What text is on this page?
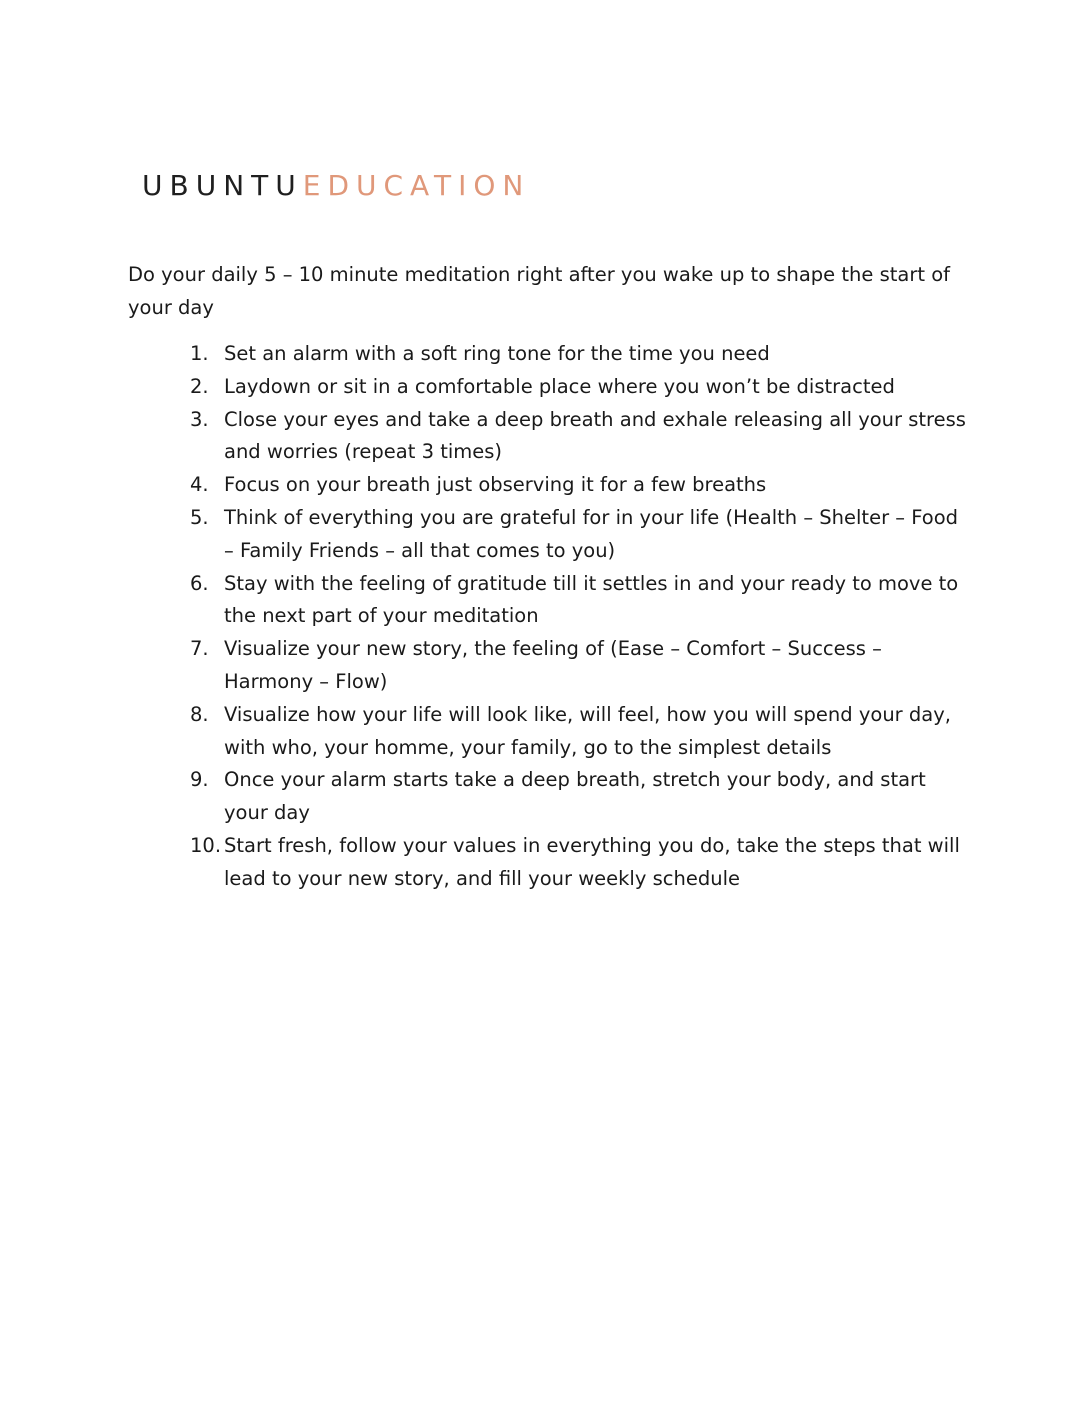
UBUNTUEDUCATION

Do your daily 5 – 10 minute meditation right after you wake up to shape the start of your day

1. Set an alarm with a soft ring tone for the time you need
2. Laydown or sit in a comfortable place where you won’t be distracted
3. Close your eyes and take a deep breath and exhale releasing all your stress and worries (repeat 3 times)
4. Focus on your breath just observing it for a few breaths
5. Think of everything you are grateful for in your life (Health – Shelter – Food – Family Friends – all that comes to you)
6. Stay with the feeling of gratitude till it settles in and your ready to move to the next part of your meditation
7. Visualize your new story, the feeling of (Ease – Comfort – Success – Harmony – Flow)
8. Visualize how your life will look like, will feel, how you will spend your day, with who, your homme, your family, go to the simplest details
9. Once your alarm starts take a deep breath, stretch your body, and start your day
10. Start fresh, follow your values in everything you do, take the steps that will lead to your new story, and fill your weekly schedule
